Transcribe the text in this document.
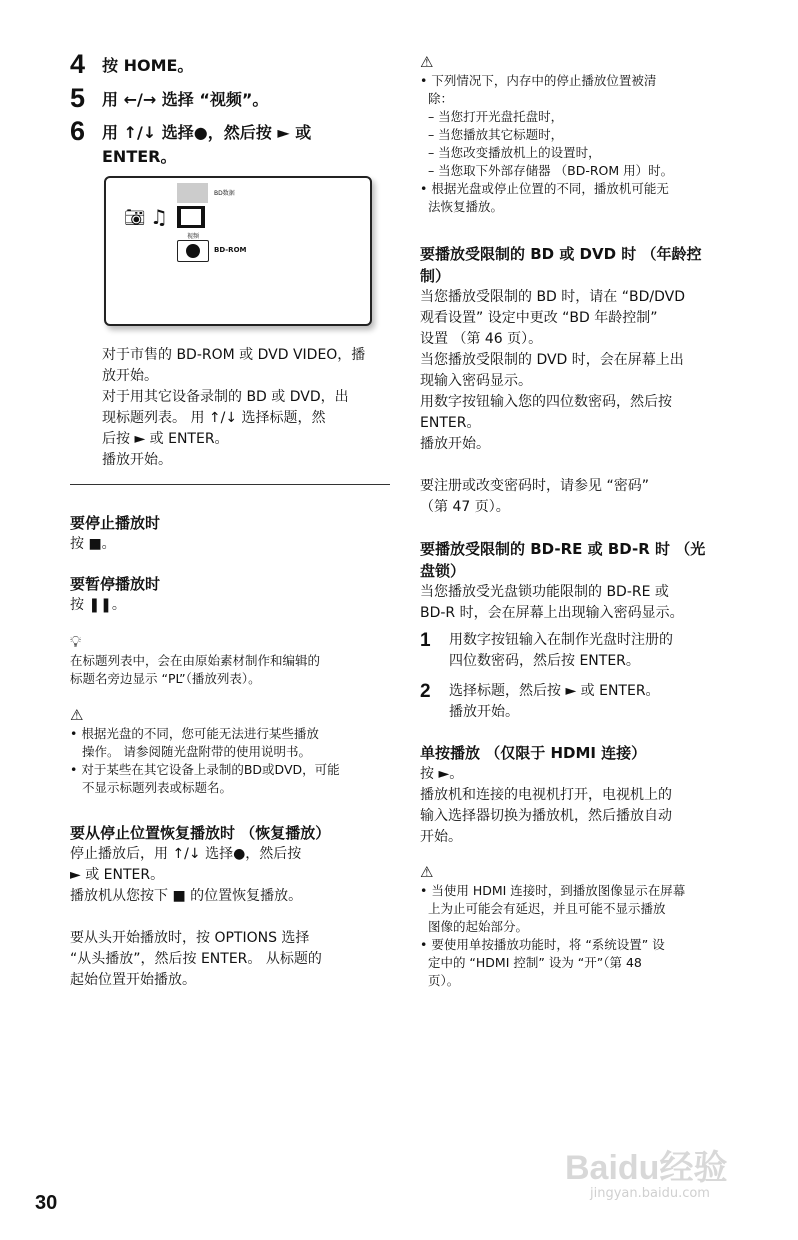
4 按 HOME。
5 用 ←/→ 选择 “视频”。
6 用 ↑/↓ 选择●，然后按 ► 或
ENTER。
BD数据
📷︎ ♫
视频
BD-ROM
对于市售的 BD-ROM 或 DVD VIDEO，播
放开始。
对于用其它设备录制的 BD 或 DVD，出
现标题列表。 用 ↑/↓ 选择标题，然
后按 ► 或 ENTER。
播放开始。
要停止播放时
按 ■。
要暂停播放时
按 ❚❚。
💡︎
在标题列表中，会在由原始素材制作和编辑的
标题名旁边显示 “PL”（播放列表）。
⚠︎
• 根据光盘的不同，您可能无法进行某些播放
操作。 请参阅随光盘附带的使用说明书。
• 对于某些在其它设备上录制的BD或DVD，可能
不显示标题列表或标题名。
要从停止位置恢复播放时 （恢复播放）
停止播放后，用 ↑/↓ 选择●，然后按
► 或 ENTER。
播放机从您按下 ■ 的位置恢复播放。
要从头开始播放时，按 OPTIONS 选择
“从头播放”，然后按 ENTER。 从标题的
起始位置开始播放。
⚠︎
• 下列情况下，内存中的停止播放位置被清
除：
– 当您打开光盘托盘时，
– 当您播放其它标题时，
– 当您改变播放机上的设置时，
– 当您取下外部存储器 （BD-ROM 用）时。
• 根据光盘或停止位置的不同，播放机可能无
法恢复播放。
要播放受限制的 BD 或 DVD 时 （年龄控
制）
当您播放受限制的 BD 时，请在 “BD/DVD
观看设置” 设定中更改 “BD 年龄控制”
设置 （第 46 页）。
当您播放受限制的 DVD 时，会在屏幕上出
现输入密码显示。
用数字按钮输入您的四位数密码，然后按
ENTER。
播放开始。
要注册或改变密码时，请参见 “密码”
（第 47 页）。
要播放受限制的 BD-RE 或 BD-R 时 （光
盘锁）
当您播放受光盘锁功能限制的 BD-RE 或
BD-R 时，会在屏幕上出现输入密码显示。
1 用数字按钮输入在制作光盘时注册的
四位数密码，然后按 ENTER。
2 选择标题，然后按 ► 或 ENTER。
播放开始。
单按播放 （仅限于 HDMI 连接）
按 ►。
播放机和连接的电视机打开，电视机上的
输入选择器切换为播放机，然后播放自动
开始。
⚠︎
• 当使用 HDMI 连接时，到播放图像显示在屏幕
上为止可能会有延迟，并且可能不显示播放
图像的起始部分。
• 要使用单按播放功能时，将 “系统设置” 设
定中的 “HDMI 控制” 设为 “开”（第 48
页）。
Baidu经验
jingyan.baidu.com
30
